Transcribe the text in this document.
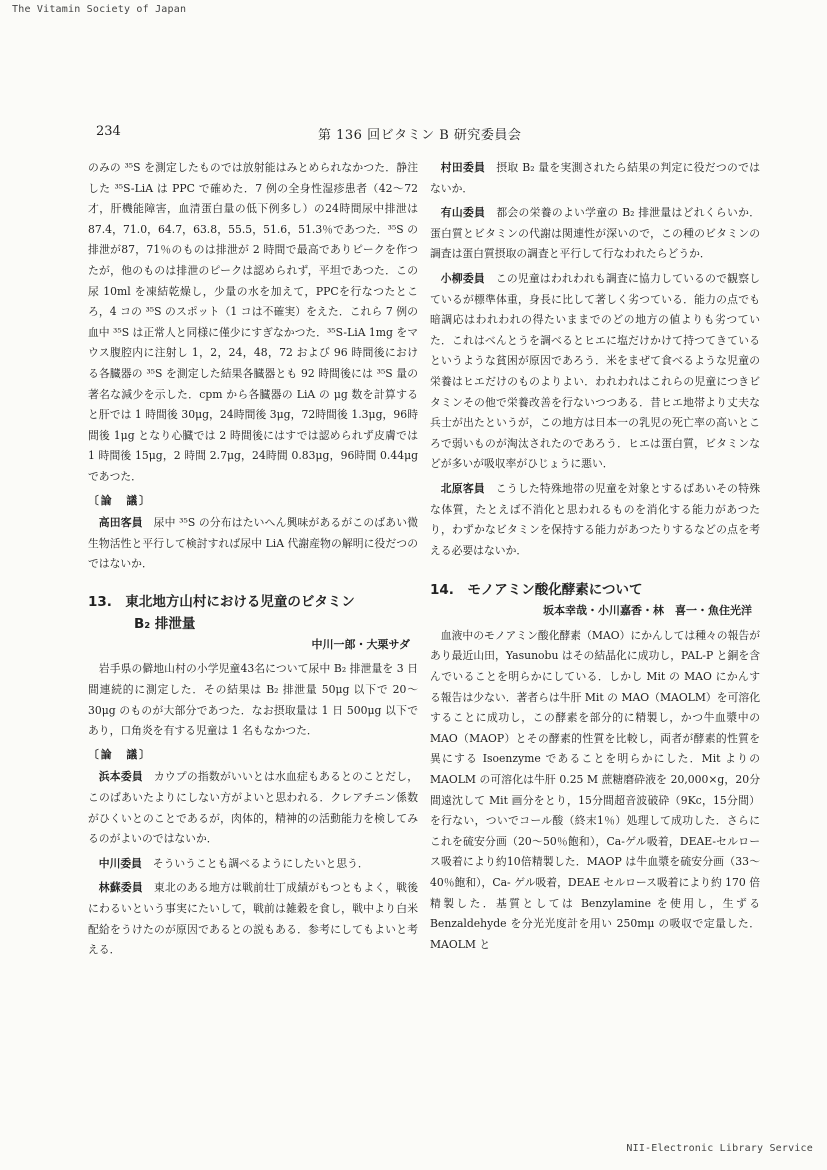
The Vitamin Society of Japan
234	第 136 回ビタミン B 研究委員会

のみの ³⁵S を測定したものでは放射能はみとめられなかつた．静注した ³⁵S-LiA は PPC で確めた．7 例の全身性湿疹患者（42〜72才，肝機能障害，血清蛋白量の低下例多し）の24時間尿中排泄は 87.4，71.0，64.7，63.8，55.5，51.6，51.3％であつた．³⁵S の排泄が87，71％のものは排泄が 2 時間で最高でありピークを作つたが，他のものは排泄のピークは認められず，平坦であつた．この尿 10ml を凍結乾燥し，少量の水を加えて，PPCを行なつたところ，4 コの ³⁵S のスポット（1 コは不確実）をえた．これら 7 例の血中 ³⁵S は正常人と同様に僅少にすぎなかつた．³⁵S-LiA 1mg をマウス腹腔内に注射し 1，2，24，48，72 および 96 時間後における各臓器の ³⁵S を測定した結果各臓器とも 92 時間後には ³⁵S 量の著名な減少を示した．cpm から各臓器の LiA の μg 数を計算すると肝では 1 時間後 30μg，24時間後 3μg，72時間後 1.3μg，96時間後 1μg となり心臓では 2 時間後にはすでは認められず皮膚では 1 時間後 15μg，2 時間 2.7μg，24時間 0.83μg，96時間 0.44μg であつた．

〔論　議〕

高田客員　 尿中 ³⁵S の分布はたいへん興味があるがこのばあい微生物活性と平行して検討すれば尿中 LiA 代謝産物の解明に役だつのではないか．

13.　東北地方山村における児童のビタミン

B₂ 排泄量

中川一郎・大栗サダ

岩手県の僻地山村の小学児童43名について尿中 B₂ 排泄量を 3 日間連続的に測定した．その結果は B₂ 排泄量 50μg 以下で 20〜30μg のものが大部分であつた．なお摂取量は 1 日 500μg 以下であり，口角炎を有する児童は 1 名もなかつた．

〔論　議〕

浜本委員　 カウプの指数がいいとは水血症もあるとのことだし，このばあいたよりにしない方がよいと思われる．クレアチニン係数がひくいとのことであるが，肉体的，精神的の活動能力を検してみるのがよいのではないか．

中川委員　 そういうことも調べるようにしたいと思う．

林蘇委員　 東北のある地方は戦前壮丁成績がもつともよく，戦後にわるいという事実にたいして，戦前は雑穀を食し，戦中より白米配給をうけたのが原因であるとの説もある．参考にしてもよいと考える．

村田委員　 摂取 B₂ 量を実測されたら結果の判定に役だつのではないか．

有山委員　 都会の栄養のよい学童の B₂ 排泄量はどれくらいか．蛋白質とビタミンの代謝は関連性が深いので，この種のビタミンの調査は蛋白質摂取の調査と平行して行なわれたらどうか．

小柳委員　 この児童はわれわれも調査に協力しているので観察しているが標準体重，身長に比して著しく劣つている．能力の点でも暗調応はわれわれの得たいままでのどの地方の値よりも劣つていた．これはべんとうを調べるとヒエに塩だけかけて持つてきているというような貧困が原因であろう．米をまぜて食べるような児童の栄養はヒエだけのものよりよい．われわれはこれらの児童につきビタミンその他で栄養改善を行ないつつある．昔ヒエ地帯より丈夫な兵士が出たというが，この地方は日本一の乳児の死亡率の高いところで弱いものが淘汰されたのであろう．ヒエは蛋白質，ビタミンなどが多いが吸収率がひじょうに悪い．

北原客員　 こうした特殊地帯の児童を対象とするばあいその特殊な体質，たとえば不消化と思われるものを消化する能力があつたり，わずかなビタミンを保持する能力があつたりするなどの点を考える必要はないか．

14.　モノアミン酸化酵素について

坂本幸哉・小川嘉香・林　喜一・魚住光洋

血液中のモノアミン酸化酵素（MAO）にかんしては種々の報告があり最近山田，Yasunobu はその結晶化に成功し，PAL-P と銅を含んでいることを明らかにしている．しかし Mit の MAO にかんする報告は少ない．著者らは牛肝 Mit の MAO（MAOLM）を可溶化することに成功し，この酵素を部分的に精製し，かつ牛血漿中の MAO（MAOP）とその酵素的性質を比較し，両者が酵素的性質を異にする Isoenzyme であることを明らかにした．Mit よりの MAOLM の可溶化は牛肝 0.25 M 蔗糖磨砕液を 20,000×g，20分間遠沈して Mit 画分をとり，15分間超音波破砕（9Kc，15分間）を行ない，ついでコール酸（終末1％）処理して成功した．さらにこれを硫安分画（20〜50％飽和），Ca-ゲル吸着，DEAE-セルロース吸着により約10倍精製した．MAOP は牛血漿を硫安分画（33〜40％飽和），Ca- ゲル吸着，DEAE セルロース吸着により約 170 倍精製した．基質としては Benzylamine を使用し，生ずる Benzaldehyde を分光光度計を用い 250mμ の吸収で定量した．MAOLM と

NII-Electronic Library Service
